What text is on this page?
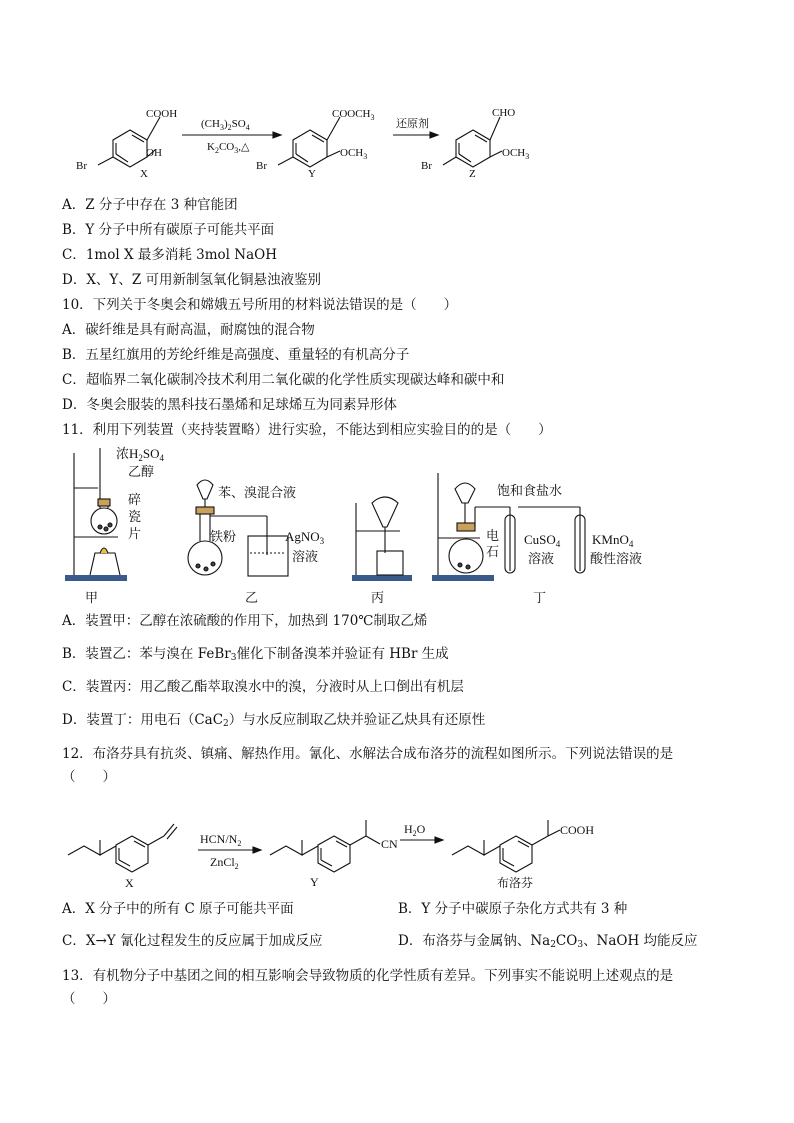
COOH
OH
Br
$(CH_3)_2SO_4$
$K_2CO_3,\triangle$
$COOCH_3$
$OCH_3$
Br
还原剂
CHO
$OCH_3$
Br
X	Y	Z
A．Z 分子中存在 3 种官能团
B．Y 分子中所有碳原子可能共平面
C．1mol X 最多消耗 3mol NaOH
D．X、Y、Z 可用新制氢氧化铜悬浊液鉴别
10．下列关于冬奥会和嫦娥五号所用的材料说法错误的是（　　）
A．碳纤维是具有耐高温，耐腐蚀的混合物
B．五星红旗用的芳纶纤维是高强度、重量轻的有机高分子
C．超临界二氧化碳制冷技术利用二氧化碳的化学性质实现碳达峰和碳中和
D．冬奥会服装的黑科技石墨烯和足球烯互为同素异形体
11．利用下列装置（夹持装置略）进行实验，不能达到相应实验目的的是（　　）
浓$H_2SO_4$
乙醇
碎
瓷
片
苯、溴混合液
铁粉	AgNO$_3$
溶液
饱和食盐水
电
石
CuSO$_4$
溶液
KMnO$_4$
酸性溶液
甲	乙	丙	丁
A．装置甲：乙醇在浓硫酸的作用下，加热到 170℃制取乙烯
B．装置乙：苯与溴在 FeBr$_3$催化下制备溴苯并验证有 HBr 生成
C．装置丙：用乙酸乙酯萃取溴水中的溴，分液时从上口倒出有机层
D．装置丁：用电石（CaC$_2$）与水反应制取乙炔并验证乙炔具有还原性
12．布洛芬具有抗炎、镇痛、解热作用。氰化、水解法合成布洛芬的流程如图所示。下列说法错误的是
（　　）
HCN/$N_2$
ZnCl$_2$
CN
$H_2O$	COOH
X	Y	布洛芬
A．X 分子中的所有 C 原子可能共平面	B．Y 分子中碳原子杂化方式共有 3 种
C．X→Y 氰化过程发生的反应属于加成反应	D．布洛芬与金属钠、$Na_2CO_3$、NaOH 均能反应
13．有机物分子中基团之间的相互影响会导致物质的化学性质有差异。下列事实不能说明上述观点的是
（　　）
